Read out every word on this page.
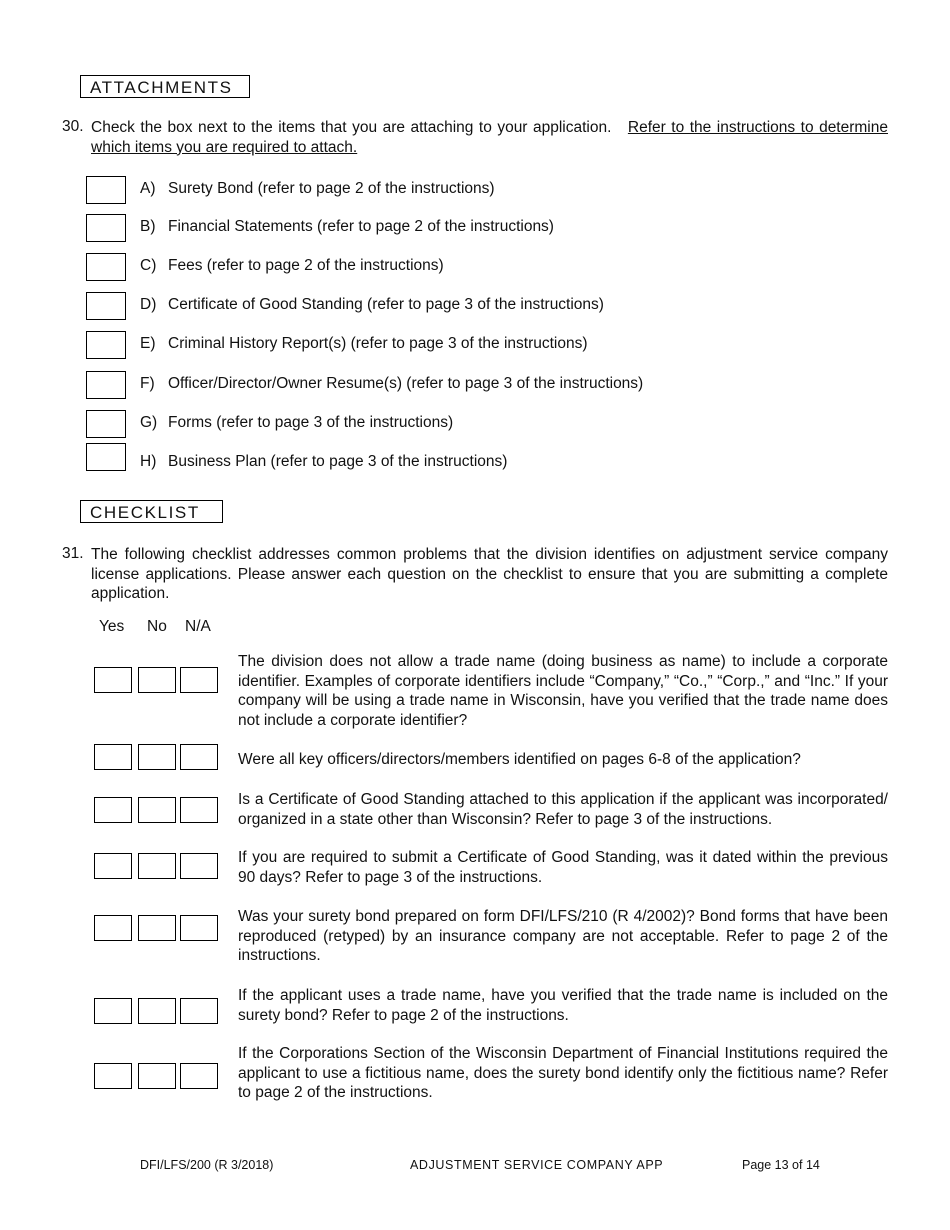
ATTACHMENTS
30. Check the box next to the items that you are attaching to your application. Refer to the instructions to determine which items you are required to attach.
A) Surety Bond (refer to page 2 of the instructions)
B) Financial Statements (refer to page 2 of the instructions)
C) Fees (refer to page 2 of the instructions)
D) Certificate of Good Standing (refer to page 3 of the instructions)
E) Criminal History Report(s) (refer to page 3 of the instructions)
F) Officer/Director/Owner Resume(s) (refer to page 3 of the instructions)
G) Forms (refer to page 3 of the instructions)
H) Business Plan (refer to page 3 of the instructions)
CHECKLIST
31. The following checklist addresses common problems that the division identifies on adjustment service company license applications. Please answer each question on the checklist to ensure that you are submitting a complete application.
Yes No N/A
The division does not allow a trade name (doing business as name) to include a corporate identifier. Examples of corporate identifiers include “Company,” “Co.,” “Corp.,” and “Inc.” If your company will be using a trade name in Wisconsin, have you verified that the trade name does not include a corporate identifier?
Were all key officers/directors/members identified on pages 6-8 of the application?
Is a Certificate of Good Standing attached to this application if the applicant was incorporated/ organized in a state other than Wisconsin? Refer to page 3 of the instructions.
If you are required to submit a Certificate of Good Standing, was it dated within the previous 90 days? Refer to page 3 of the instructions.
Was your surety bond prepared on form DFI/LFS/210 (R 4/2002)? Bond forms that have been reproduced (retyped) by an insurance company are not acceptable. Refer to page 2 of the instructions.
If the applicant uses a trade name, have you verified that the trade name is included on the surety bond? Refer to page 2 of the instructions.
If the Corporations Section of the Wisconsin Department of Financial Institutions required the applicant to use a fictitious name, does the surety bond identify only the fictitious name? Refer to page 2 of the instructions.
DFI/LFS/200 (R 3/2018)	ADJUSTMENT SERVICE COMPANY APP	Page 13 of 14
